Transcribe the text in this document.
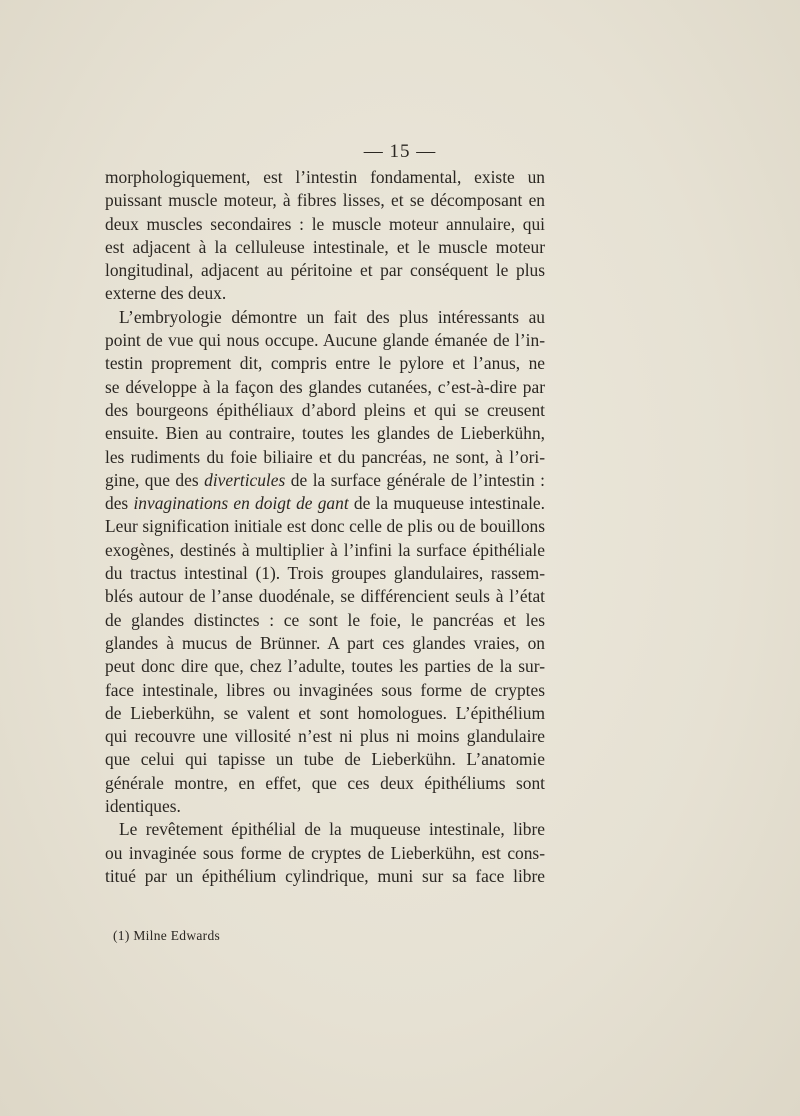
— 15 —
morphologiquement, est l’intestin fondamental, existe un
puissant muscle moteur, à fibres lisses, et se décomposant en
deux muscles secondaires : le muscle moteur annulaire, qui
est adjacent à la celluleuse intestinale, et le muscle moteur
longitudinal, adjacent au péritoine et par conséquent le plus
externe des deux.
L’embryologie démontre un fait des plus intéressants au
point de vue qui nous occupe. Aucune glande émanée de l’in-
testin proprement dit, compris entre le pylore et l’anus, ne
se développe à la façon des glandes cutanées, c’est-à-dire par
des bourgeons épithéliaux d’abord pleins et qui se creusent
ensuite. Bien au contraire, toutes les glandes de Lieberkühn,
les rudiments du foie biliaire et du pancréas, ne sont, à l’ori-
gine, que des diverticules de la surface générale de l’intestin :
des invaginations en doigt de gant de la muqueuse intestinale.
Leur signification initiale est donc celle de plis ou de bouillons
exogènes, destinés à multiplier à l’infini la surface épithéliale
du tractus intestinal (1). Trois groupes glandulaires, rassem-
blés autour de l’anse duodénale, se différencient seuls à l’état
de glandes distinctes : ce sont le foie, le pancréas et les
glandes à mucus de Brünner. A part ces glandes vraies, on
peut donc dire que, chez l’adulte, toutes les parties de la sur-
face intestinale, libres ou invaginées sous forme de cryptes
de Lieberkühn, se valent et sont homologues. L’épithélium
qui recouvre une villosité n’est ni plus ni moins glandulaire
que celui qui tapisse un tube de Lieberkühn. L’anatomie
générale montre, en effet, que ces deux épithéliums sont
identiques.
Le revêtement épithélial de la muqueuse intestinale, libre
ou invaginée sous forme de cryptes de Lieberkühn, est cons-
titué par un épithélium cylindrique, muni sur sa face libre
(1) Milne Edwards
